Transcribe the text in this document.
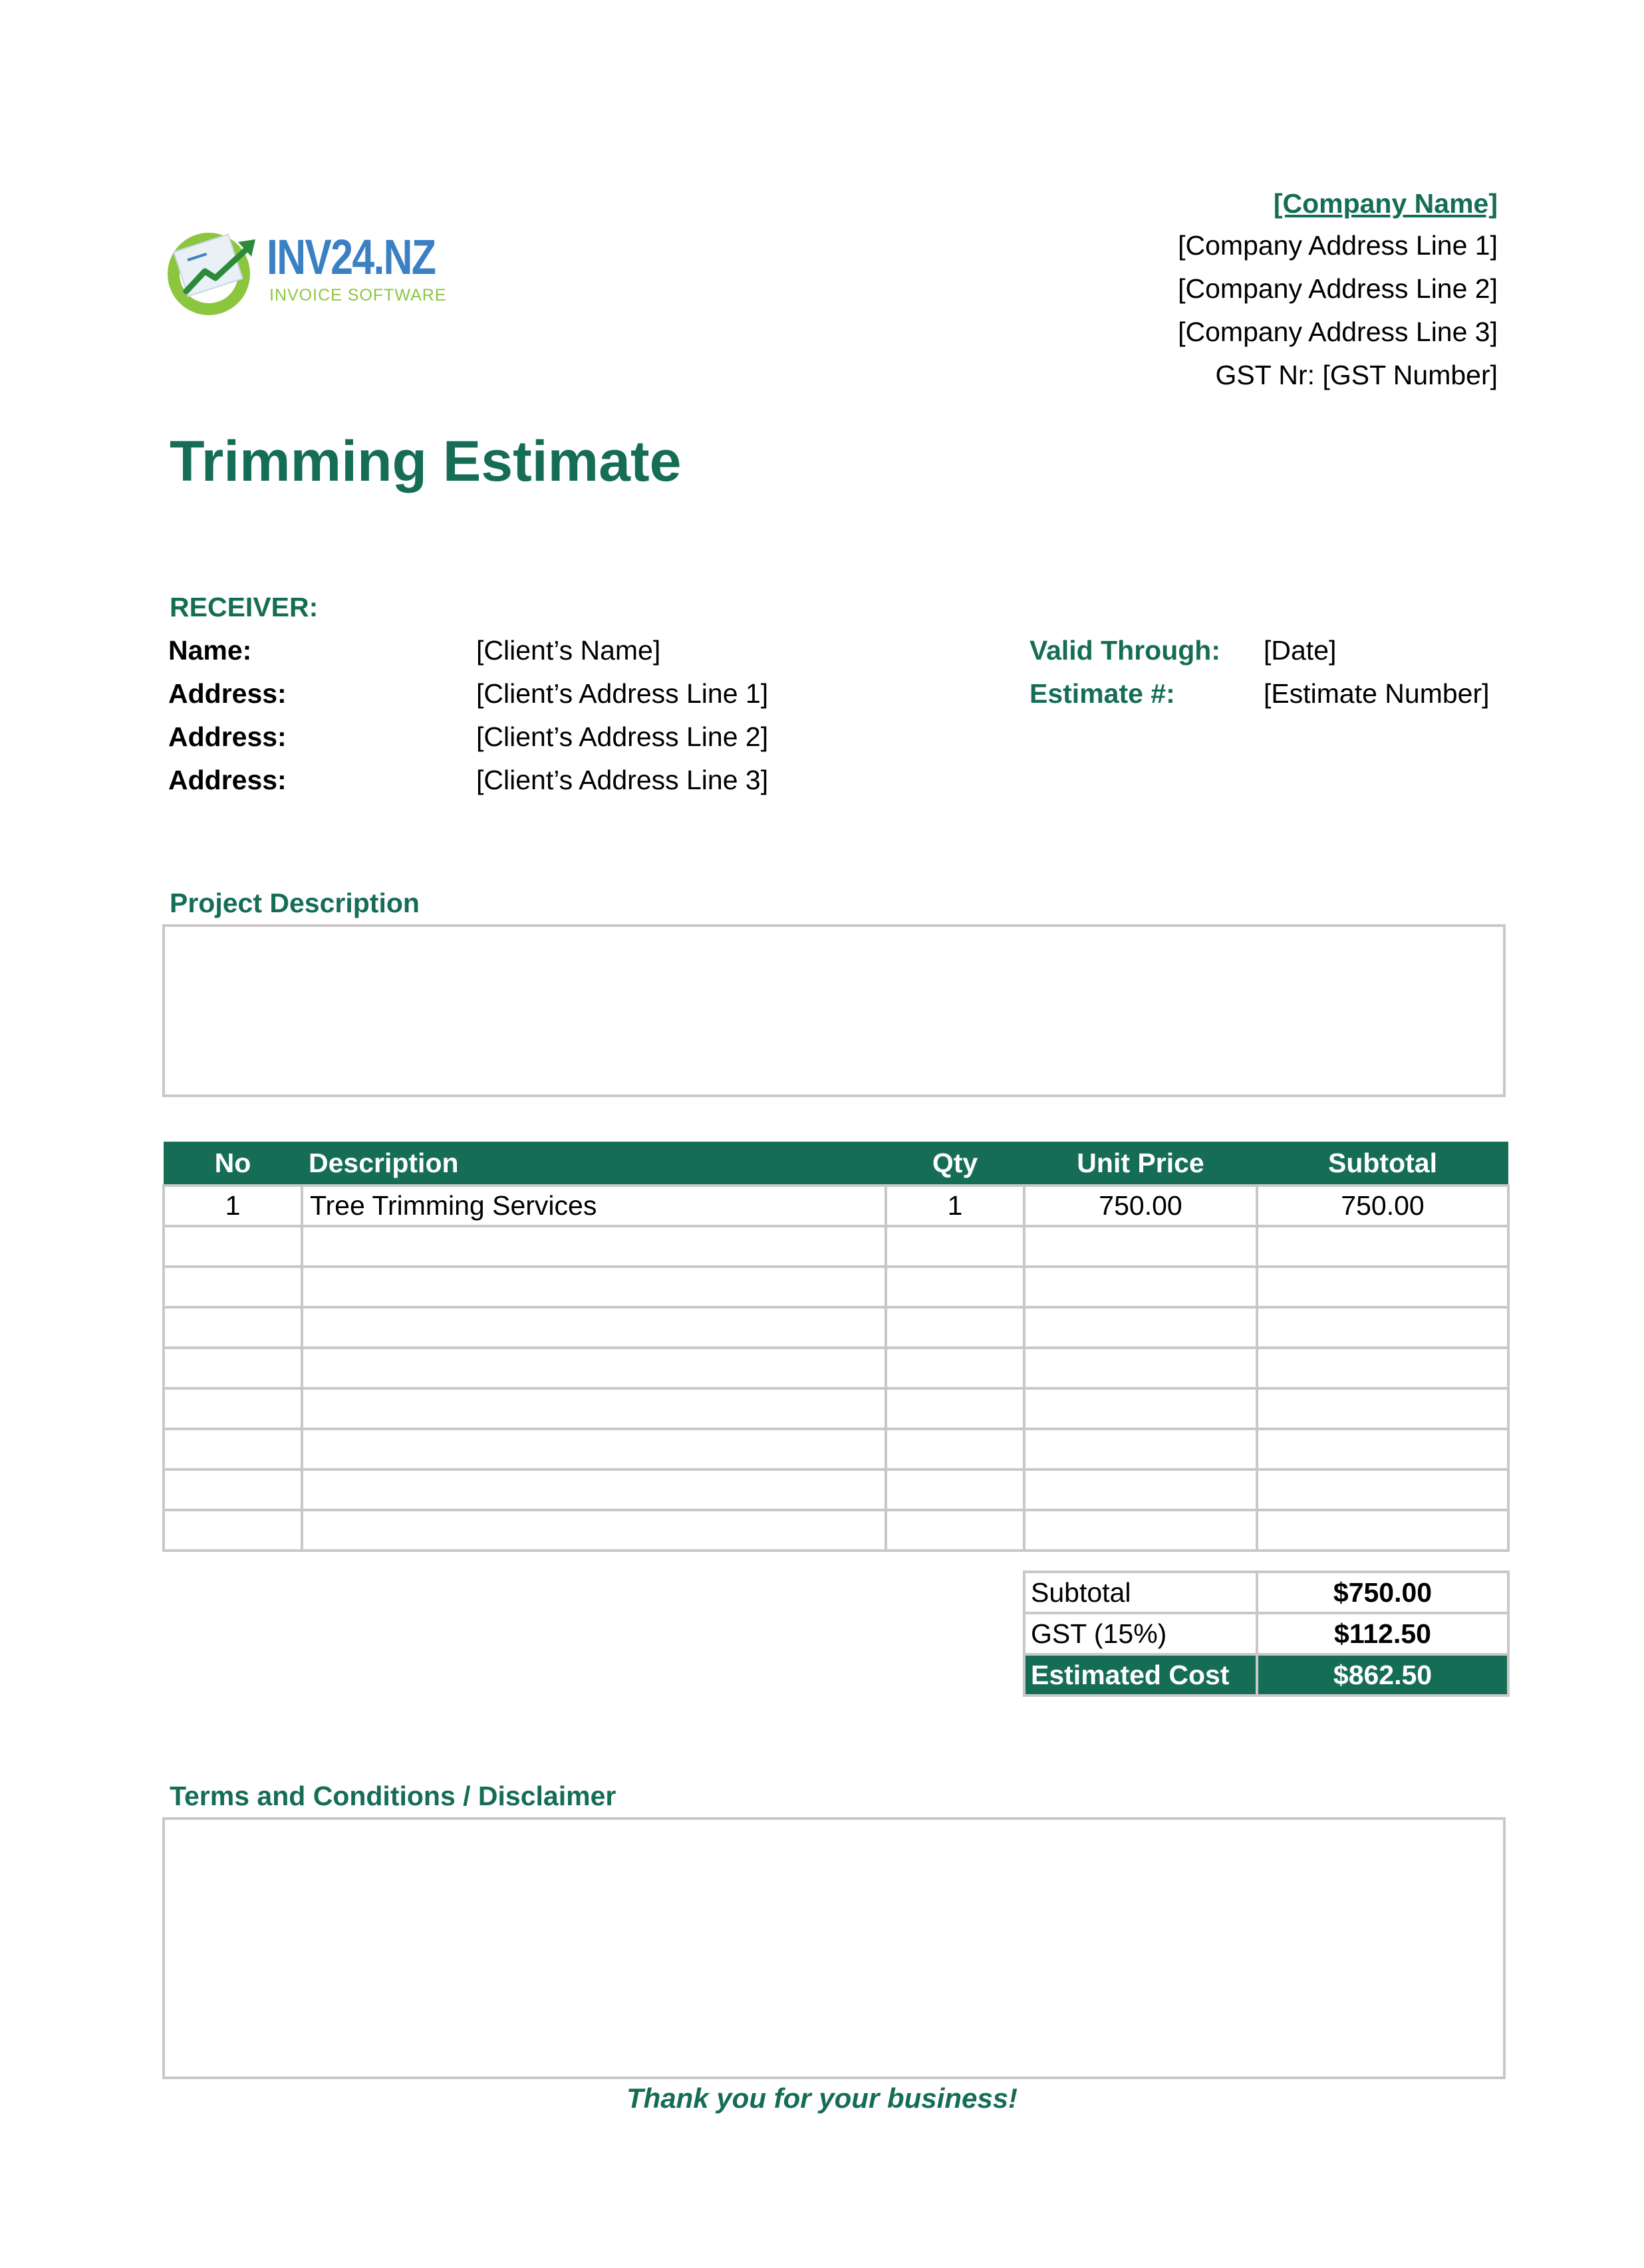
INV24.NZ
INVOICE SOFTWARE
[Company Name]
[Company Address Line 1]
[Company Address Line 2]
[Company Address Line 3]
GST Nr: [GST Number]
Trimming Estimate
RECEIVER:
Name:	[Client’s Name]
Address:	[Client’s Address Line 1]
Address:	[Client’s Address Line 2]
Address:	[Client’s Address Line 3]
Valid Through: [Date]
Estimate #:	[Estimate Number]
Project Description
No	Description	Qty	Unit Price	Subtotal
1	Tree Trimming Services	1	750.00	750.00

Subtotal	$750.00
GST (15%)	$112.50
Estimated Cost	$862.50
Terms and Conditions / Disclaimer
Thank you for your business!
